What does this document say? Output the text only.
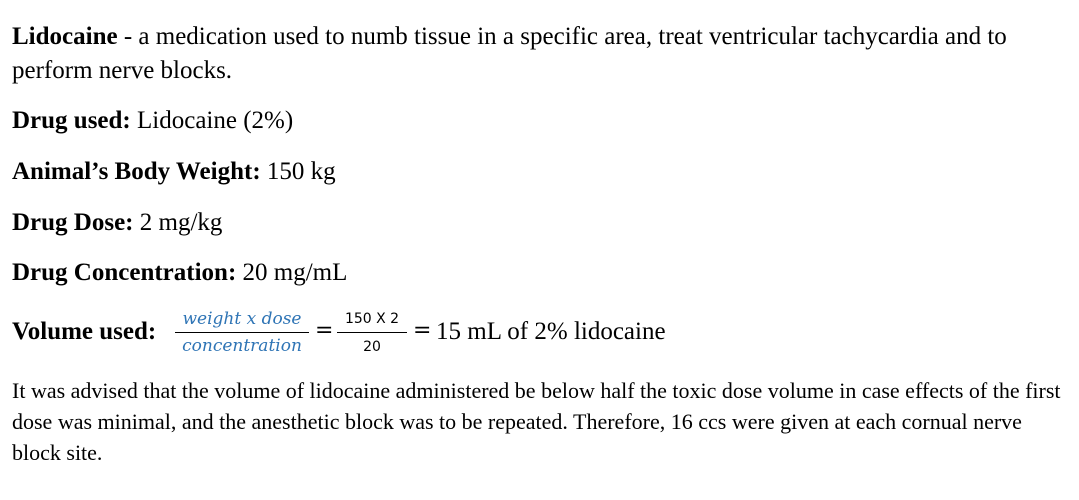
Lidocaine - a medication used to numb tissue in a specific area, treat ventricular tachycardia and to perform nerve blocks.

Drug used: Lidocaine (2%)

Animal’s Body Weight: 150 kg

Drug Dose: 2 mg/kg

Drug Concentration: 20 mg/mL

Volume used:	weight x dose
concentration
= 150 X 2
20
= 15 mL of 2% lidocaine

It was advised that the volume of lidocaine administered be below half the toxic dose volume in case effects of the first dose was minimal, and the anesthetic block was to be repeated. Therefore, 16 ccs were given at each cornual nerve block site.
